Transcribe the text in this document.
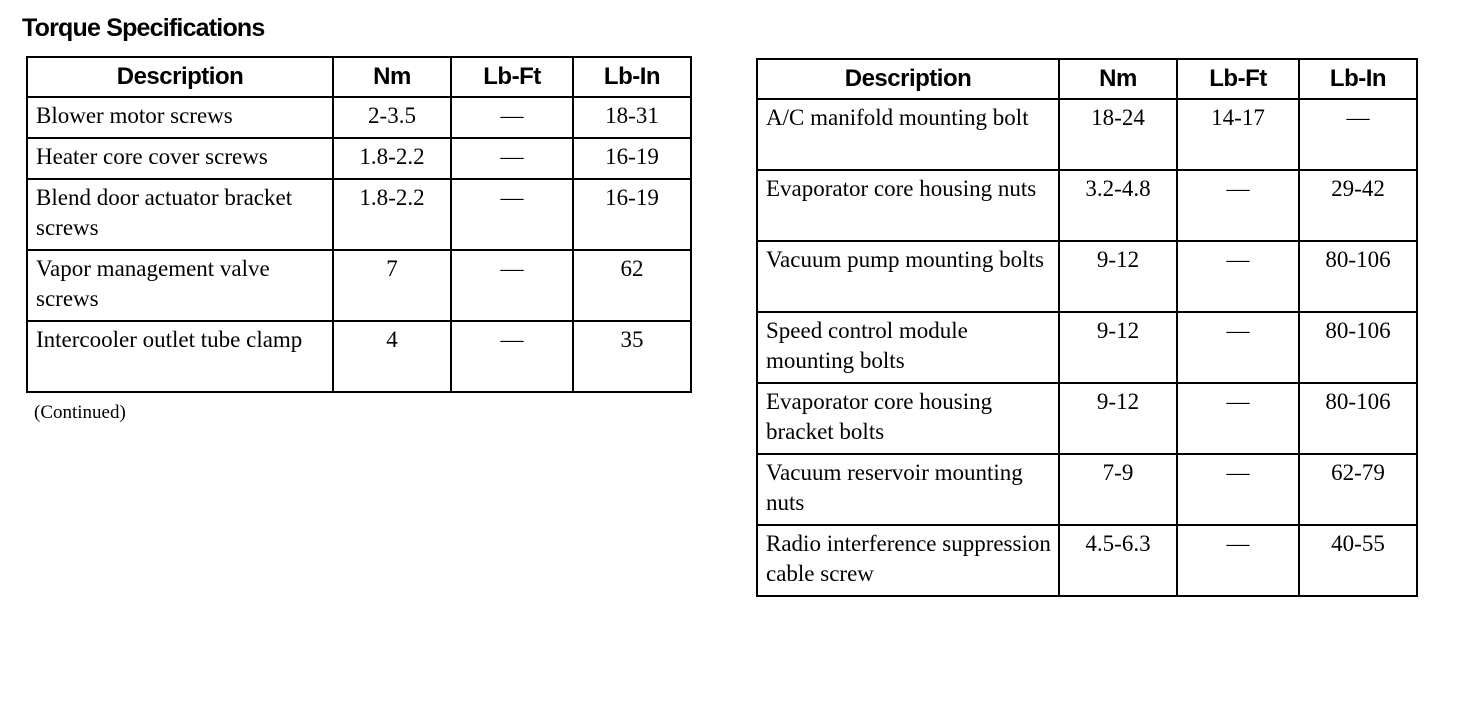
Torque Specifications
Description	Nm	Lb-Ft	Lb-In
Blower motor screws	2-3.5	—	18-31
Heater core cover screws	1.8-2.2	—	16-19
Blend door actuator bracket screws	1.8-2.2	—	16-19
Vapor management valve screws	7	—	62
Intercooler outlet tube clamp	4	—	35

(Continued)

Description	Nm	Lb-Ft	Lb-In
A/C manifold mounting bolt	18-24	14-17	—
Evaporator core housing nuts	3.2-4.8	—	29-42
Vacuum pump mounting bolts	9-12	—	80-106
Speed control module mounting bolts	9-12	—	80-106
Evaporator core housing bracket bolts	9-12	—	80-106
Vacuum reservoir mounting nuts	7-9	—	62-79
Radio interference suppression cable screw	4.5-6.3	—	40-55
